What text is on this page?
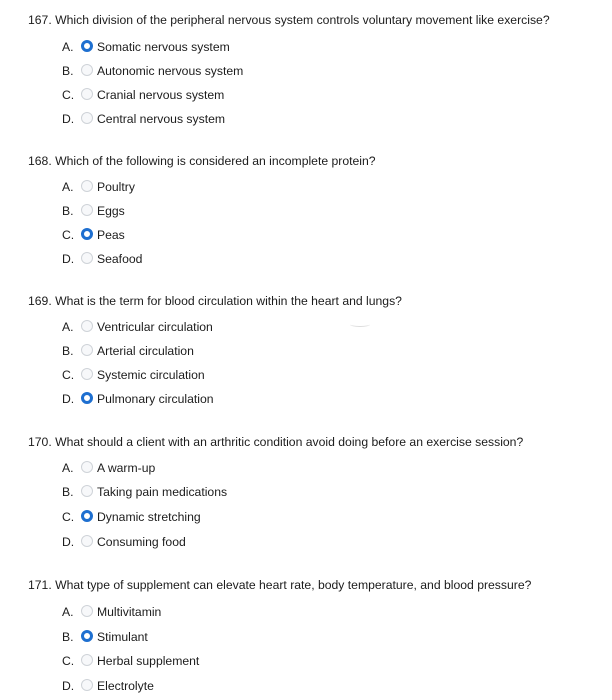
167. Which division of the peripheral nervous system controls voluntary movement like exercise?
A.	Somatic nervous system
B.	Autonomic nervous system
C.	Cranial nervous system
D.	Central nervous system
168. Which of the following is considered an incomplete protein?
A.	Poultry
B.	Eggs
C.	Peas
D.	Seafood
169. What is the term for blood circulation within the heart and lungs?
A.	Ventricular circulation
B.	Arterial circulation
C.	Systemic circulation
D.	Pulmonary circulation
170. What should a client with an arthritic condition avoid doing before an exercise session?
A.	A warm-up
B.	Taking pain medications
C.	Dynamic stretching
D.	Consuming food
171. What type of supplement can elevate heart rate, body temperature, and blood pressure?
A.	Multivitamin
B.	Stimulant
C.	Herbal supplement
D.	Electrolyte
